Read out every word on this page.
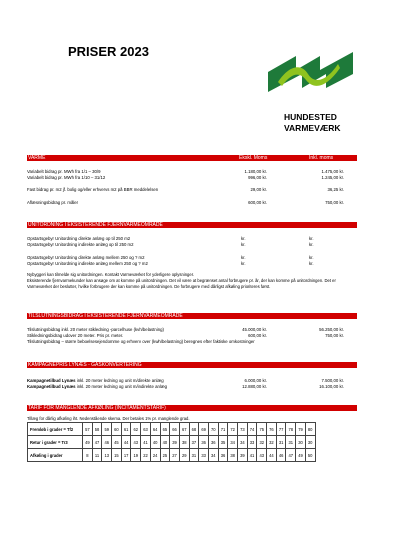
PRISER 2023
HUNDESTED
VARMEVÆRK
VARME	Ekskl. Moms	Inkl. moms
Variabelt bidrag pr. MWh fra 1/1 – 30/9	1.180,00 kr.	1.475,00 kr.
Variabelt bidrag pr. MWh fra 1/10 – 31/12	996,00 kr.	1.245,00 kr.
Fast bidrag pr. m2 jf. bolig og/eller erhvervs m2 på BBR meddelelsen	29,00 kr.	36,25 kr.
Aflæsningsbidrag pr. måler	600,00 kr.	750,00 kr.
UNITORDNING I EKSISTERENDE FJERNVARMEOMRÅDE
Opstartsgebyr Unitordning direkte anlæg op til 250 m2	kr.	kr.
Opstartsgebyr Unitordning indirekte anlæg op til 250 m2	kr.	kr.
Opstartsgebyr Unitordning direkte anlæg mellem 250 og ? m2	kr.	kr.
Opstartsgebyr Unitordning indirekte anlæg mellem 250 og ? m2	kr.	kr.
Nybyggeri kan tilmelde sig unitordningen. Kontakt Varmeværket for yderligere oplysninger.
Eksisterende fjernvarmekunder kan ansøge om at komme på unitordningen. Det vil være at begrænset antal forbrugere pr. år, der kan komme på unitordningen. Det er Varmeværket der beslutter, hvilke forbrugere der kan komme på unitordningen. De forbrugere med dårligst afkøling prioriteres først.
TILSLUTNINGSBIDRAG I EKSISTERENDE FJERNVARMEOMRÅDE
Tilslutningsbidrag inkl. 20 meter stikledning -parcelhuse (kvh/belastning)	45.000,00 kr.	56.250,00 kr.
Stikledningsbidrag udover 20 meter. Pris pr. meter.	600,00 kr.	750,00 kr.
Tilslutningsbidrag – større beboelsesejendomme og erhverv over (kwh/belastning) beregnes efter faktiske omkostninger
KAMPAGNEPRIS LYNÆS - GASKONVERTERING
Kampagnetilbud Lynæs inkl. 20 meter ledning og unit m/direkte anlæg	6.000,00 kr.	7.500,00 kr.
Kampagnetilbud Lynæs inkl. 20 meter ledning og unit m/indirekte anlæg	12.880,00 kr.	16.100,00 kr.
TARIF FOR MANGLENDE AFKØLING (INCITAMENTSTARIF)
Tillæg for dårlig afkøling iht. Nedenstående skema. Der betales 1% pr. manglende grad.
Fremløb i grader = Tf2	57	58	59	60	61	62	63	64	65	66	67	68	69	70	71	72	73	74	75	76	77	78	79	80
Retur i grader = Tr3	49	47	46	45	44	43	41	40	40	39	38	37	36	36	35	34	34	33	32	32	31	31	30	30
Afkøling i grader	8	11	13	15	17	19	22	24	25	27	29	31	33	34	36	38	39	41	43	44	46	47	49	50
